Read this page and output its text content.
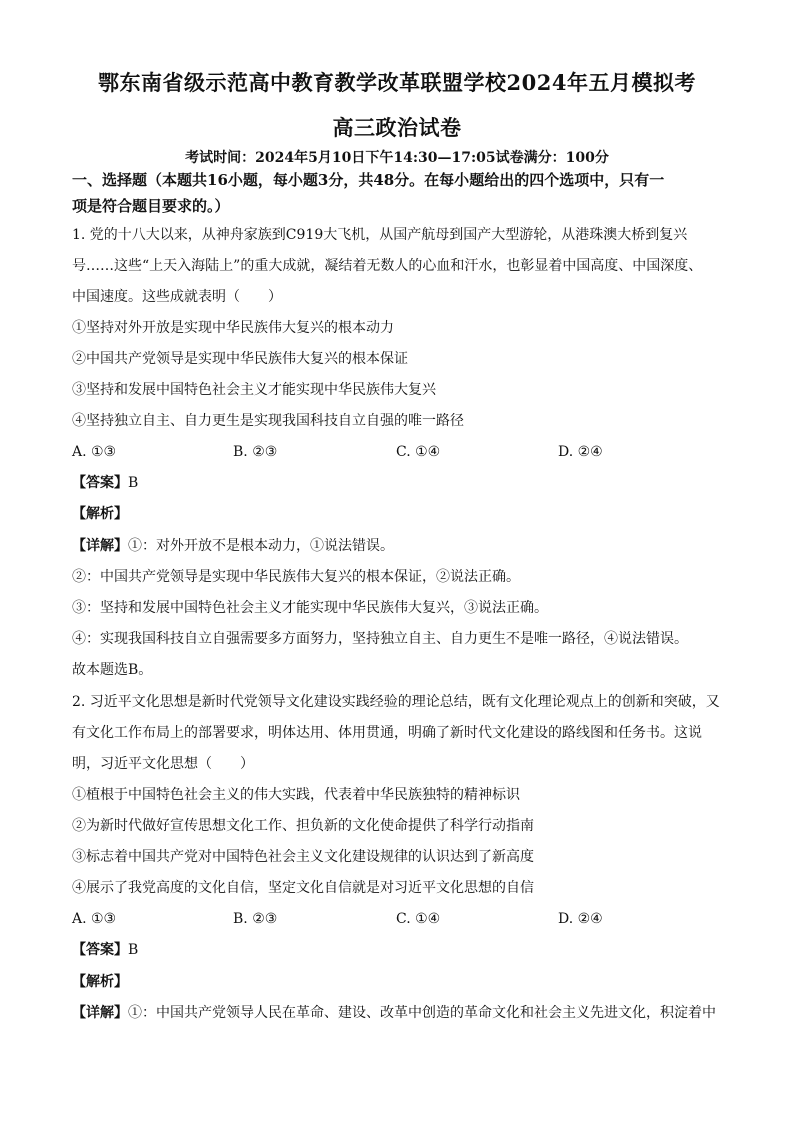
鄂东南省级示范高中教育教学改革联盟学校2024年五月模拟考
高三政治试卷
考试时间：2024年5月10日下午14:30—17:05试卷满分：100分
一、选择题（本题共16小题，每小题3分，共48分。在每小题给出的四个选项中，只有一
项是符合题目要求的。）
1. 党的十八大以来，从神舟家族到C919大飞机，从国产航母到国产大型游轮，从港珠澳大桥到复兴
号……这些“上天入海陆上”的重大成就，凝结着无数人的心血和汗水，也彰显着中国高度、中国深度、
中国速度。这些成就表明（　　）
①坚持对外开放是实现中华民族伟大复兴的根本动力
②中国共产党领导是实现中华民族伟大复兴的根本保证
③坚持和发展中国特色社会主义才能实现中华民族伟大复兴
④坚持独立自主、自力更生是实现我国科技自立自强的唯一路径
A. ①③	B. ②③	C. ①④	D. ②④
【答案】B
【解析】
【详解】①：对外开放不是根本动力，①说法错误。
②：中国共产党领导是实现中华民族伟大复兴的根本保证，②说法正确。
③：坚持和发展中国特色社会主义才能实现中华民族伟大复兴，③说法正确。
④：实现我国科技自立自强需要多方面努力，坚持独立自主、自力更生不是唯一路径，④说法错误。
故本题选B。
2. 习近平文化思想是新时代党领导文化建设实践经验的理论总结，既有文化理论观点上的创新和突破，又
有文化工作布局上的部署要求，明体达用、体用贯通，明确了新时代文化建设的路线图和任务书。这说
明，习近平文化思想（　　）
①植根于中国特色社会主义的伟大实践，代表着中华民族独特的精神标识
②为新时代做好宣传思想文化工作、担负新的文化使命提供了科学行动指南
③标志着中国共产党对中国特色社会主义文化建设规律的认识达到了新高度
④展示了我党高度的文化自信，坚定文化自信就是对习近平文化思想的自信
A. ①③	B. ②③	C. ①④	D. ②④
【答案】B
【解析】
【详解】①：中国共产党领导人民在革命、建设、改革中创造的革命文化和社会主义先进文化，积淀着中
